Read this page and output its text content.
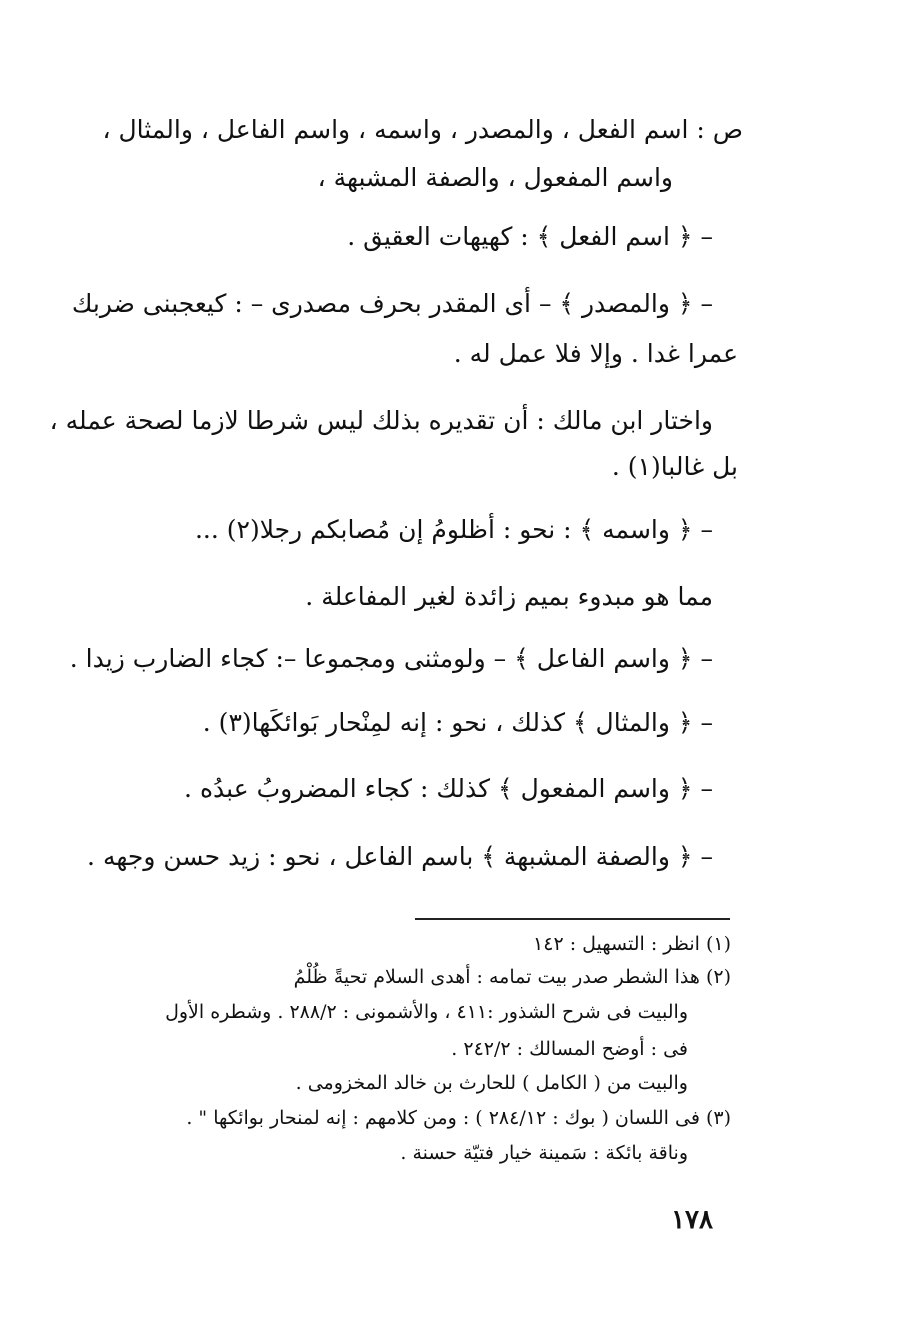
ص : اسم الفعل ، والمصدر ، واسمه ، واسم الفاعل ، والمثال ،
واسم المفعول ، والصفة المشبهة ،
– ﴿ اسم الفعل ﴾ : كهيهات العقيق .
– ﴿ والمصدر ﴾ – أى المقدر بحرف مصدرى – : كيعجبنى ضربك
عمرا غدا . وإلا فلا عمل له .
واختار ابن مالك : أن تقديره بذلك ليس شرطا لازما لصحة عمله ،
بل غالبا(١) .
– ﴿ واسمه ﴾ : نحو : أظلومُ إن مُصابكم رجلا(٢) ...
مما هو مبدوء بميم زائدة لغير المفاعلة .
– ﴿ واسم الفاعل ﴾ – ولومثنى ومجموعا –: كجاء الضارب زيدا .
– ﴿ والمثال ﴾ كذلك ، نحو : إنه لمِنْحار بَوائكَها(٣) .
– ﴿ واسم المفعول ﴾ كذلك : كجاء المضروبُ عبدُه .
– ﴿ والصفة المشبهة ﴾ باسم الفاعل ، نحو : زيد حسن وجهه .
(١) انظر : التسهيل : ١٤٢
(٢) هذا الشطر صدر بيت تمامه : أهدى السلام تحيةً ظُلْمُ
والبيت فى شرح الشذور :٤١١ ، والأشمونى : ٢٨٨/٢ . وشطره الأول
فى : أوضح المسالك : ٢٤٢/٢ .
والبيت من ( الكامل ) للحارث بن خالد المخزومى .
(٣) فى اللسان ( بوك : ٢٨٤/١٢ ) : ومن كلامهم : إنه لمنحار بوائكها " .
وناقة بائكة : سَمينة خيار فتيّة حسنة .
١٧٨
